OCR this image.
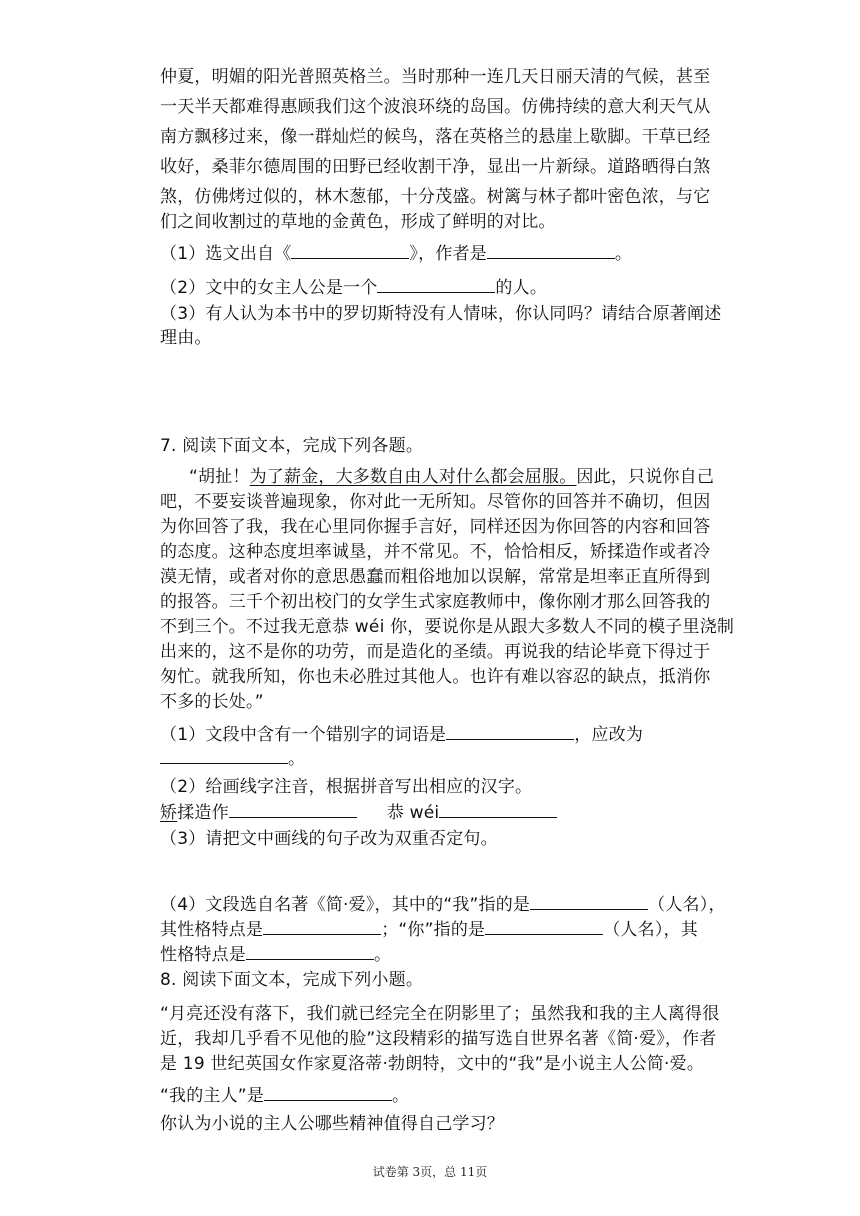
仲夏，明媚的阳光普照英格兰。当时那种一连几天日丽天清的气候，甚至
一天半天都难得惠顾我们这个波浪环绕的岛国。仿佛持续的意大利天气从
南方飘移过来，像一群灿烂的候鸟，落在英格兰的悬崖上歇脚。干草已经
收好，桑菲尔德周围的田野已经收割干净，显出一片新绿。道路晒得白煞
煞，仿佛烤过似的，林木葱郁，十分茂盛。树篱与林子都叶密色浓，与它
们之间收割过的草地的金黄色，形成了鲜明的对比。
（1）选文出自《	》，作者是	。
（2）文中的女主人公是一个	的人。
（3）有人认为本书中的罗切斯特没有人情味，你认同吗？请结合原著阐述
理由。
7. 阅读下面文本，完成下列各题。
“胡扯！为了薪金，大多数自由人对什么都会屈服。因此，只说你自己
吧，不要妄谈普遍现象，你对此一无所知。尽管你的回答并不确切，但因
为你回答了我，我在心里同你握手言好，同样还因为你回答的内容和回答
的态度。这种态度坦率诚垦，并不常见。不，恰恰相反，矫揉造作或者冷
漠无情，或者对你的意思愚蠢而粗俗地加以误解，常常是坦率正直所得到
的报答。三千个初出校门的女学生式家庭教师中，像你刚才那么回答我的
不到三个。不过我无意恭 wéi 你，要说你是从跟大多数人不同的模子里浇制
出来的，这不是你的功劳，而是造化的圣绩。再说我的结论毕竟下得过于
匆忙。就我所知，你也未必胜过其他人。也许有难以容忍的缺点，抵消你
不多的长处。”
（1）文段中含有一个错别字的词语是	，应改为
。
（2）给画线字注音，根据拼音写出相应的汉字。
矫揉造作	恭 wéi
（3）请把文中画线的句子改为双重否定句。
（4）文段选自名著《简·爱》，其中的“我”指的是	（人名），
其性格特点是	；“你”指的是	（人名），其
性格特点是	。
8. 阅读下面文本，完成下列小题。
“月亮还没有落下，我们就已经完全在阴影里了；虽然我和我的主人离得很
近，我却几乎看不见他的脸”这段精彩的描写选自世界名著《简·爱》，作者
是 19 世纪英国女作家夏洛蒂·勃朗特，文中的“我”是小说主人公简·爱。
“我的主人”是	。
你认为小说的主人公哪些精神值得自己学习？
试卷第 3页，总 11页
